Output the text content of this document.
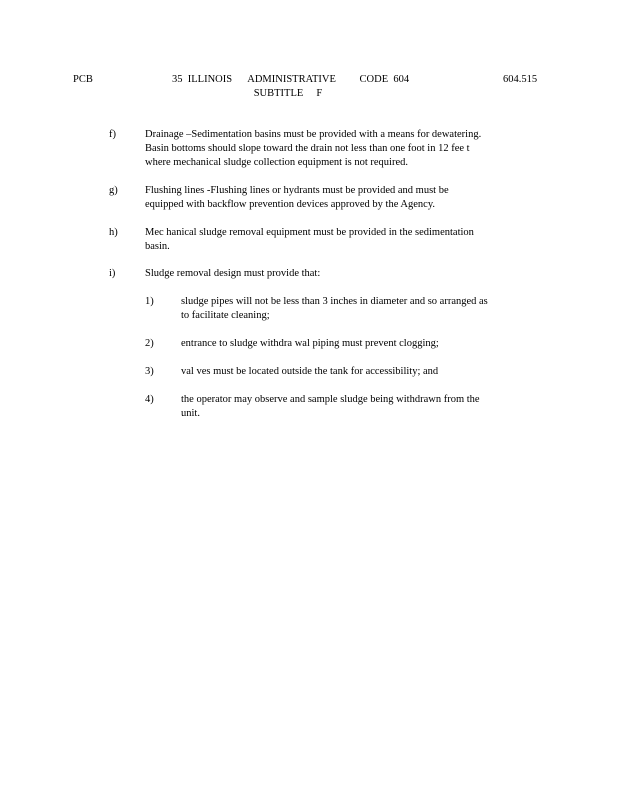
PCB	35  ILLINOIS      ADMINISTRATIVE         CODE  604
SUBTITLE     F
604.515
f)	Drainage –Sedimentation basins must be provided with a means for dewatering.
Basin bottoms should slope toward the drain not less than one foot in 12 fee t
where mechanical sludge collection equipment is not required.
g)	Flushing lines -Flushing lines or hydrants must be provided and must be
equipped with backflow prevention devices approved by the Agency.
h)	Mec hanical sludge removal equipment must be provided in the sedimentation
basin.
i)	Sludge removal design must provide that:
1)	sludge pipes will not be less than 3 inches in diameter and so arranged as
to facilitate cleaning;
2)	entrance to sludge withdra wal piping must prevent clogging;
3)	val ves must be located outside the tank for accessibility; and
4)	the operator may observe and sample sludge being withdrawn from the
unit.
